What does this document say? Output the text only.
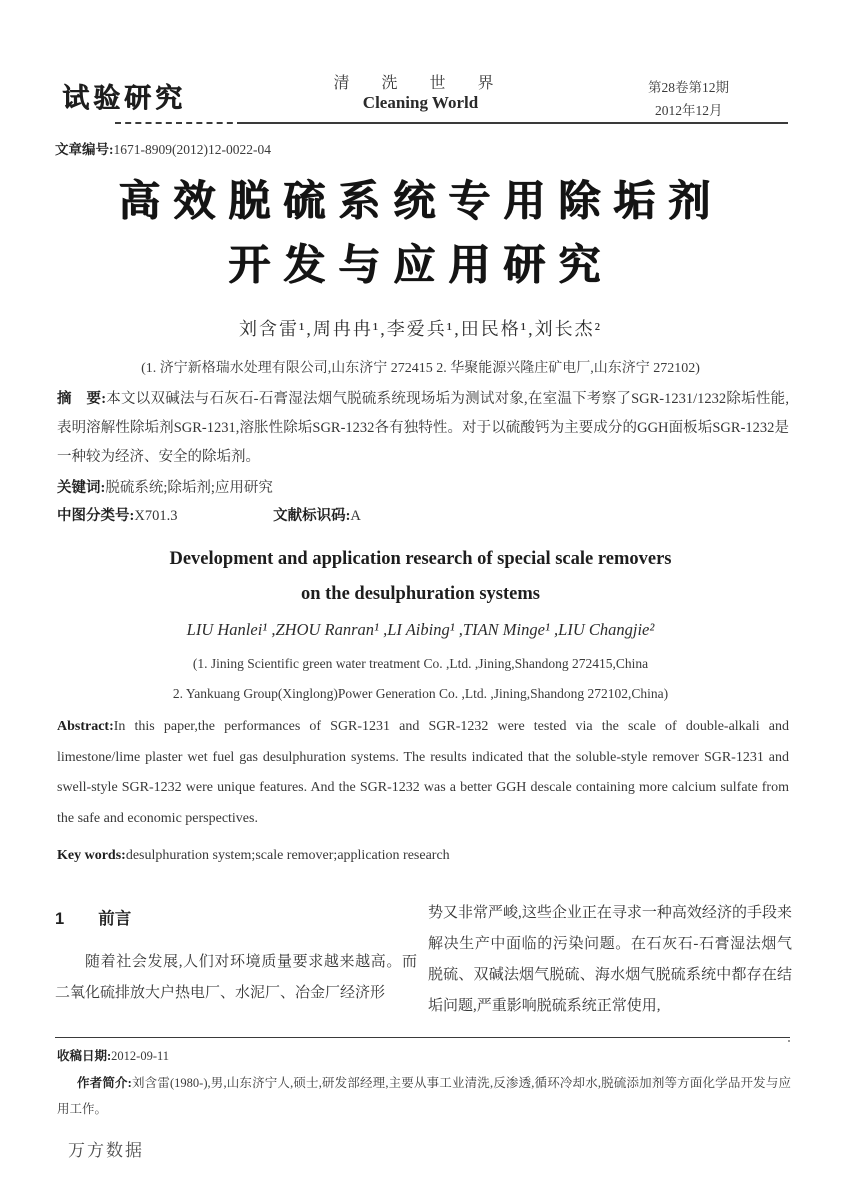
试验研究	清 洗 世 界
Cleaning World
第28卷第12期
2012年12月
文章编号:1671-8909(2012)12-0022-04
高效脱硫系统专用除垢剂
开发与应用研究
刘含雷¹,周冉冉¹,李爱兵¹,田民格¹,刘长杰²
(1. 济宁新格瑞水处理有限公司,山东济宁 272415 2. 华聚能源兴隆庄矿电厂,山东济宁 272102)
摘　要:本文以双碱法与石灰石-石膏湿法烟气脱硫系统现场垢为测试对象,在室温下考察了SGR-1231/1232除垢性能,表明溶解性除垢剂SGR-1231,溶胀性除垢SGR-1232各有独特性。对于以硫酸钙为主要成分的GGH面板垢SGR-1232是一种较为经济、安全的除垢剂。
关键词:脱硫系统;除垢剂;应用研究
中图分类号:X701.3	文献标识码:A
Development and application research of special scale removers
on the desulphuration systems
LIU Hanlei¹ ,ZHOU Ranran¹ ,LI Aibing¹ ,TIAN Minge¹ ,LIU Changjie²
(1. Jining Scientific green water treatment Co. ,Ltd. ,Jining,Shandong 272415,China
2. Yankuang Group(Xinglong)Power Generation Co. ,Ltd. ,Jining,Shandong 272102,China)
Abstract:In this paper,the performances of SGR-1231 and SGR-1232 were tested via the scale of double-alkali and limestone/lime plaster wet fuel gas desulphuration systems. The results indicated that the soluble-style remover SGR-1231 and swell-style SGR-1232 were unique features. And the SGR-1232 was a better GGH descale containing more calcium sulfate from the safe and economic perspectives.
Key words:desulphuration system;scale remover;application research
1 前言
随着社会发展,人们对环境质量要求越来越高。而二氧化硫排放大户热电厂、水泥厂、冶金厂经济形
势又非常严峻,这些企业正在寻求一种高效经济的手段来解决生产中面临的污染问题。在石灰石-石膏湿法烟气脱硫、双碱法烟气脱硫、海水烟气脱硫系统中都存在结垢问题,严重影响脱硫系统正常使用,
收稿日期:2012-09-11
作者简介:刘含雷(1980-),男,山东济宁人,硕士,研发部经理,主要从事工业清洗,反渗透,循环冷却水,脱硫添加剂等方面化学品开发与应用工作。
万方数据
